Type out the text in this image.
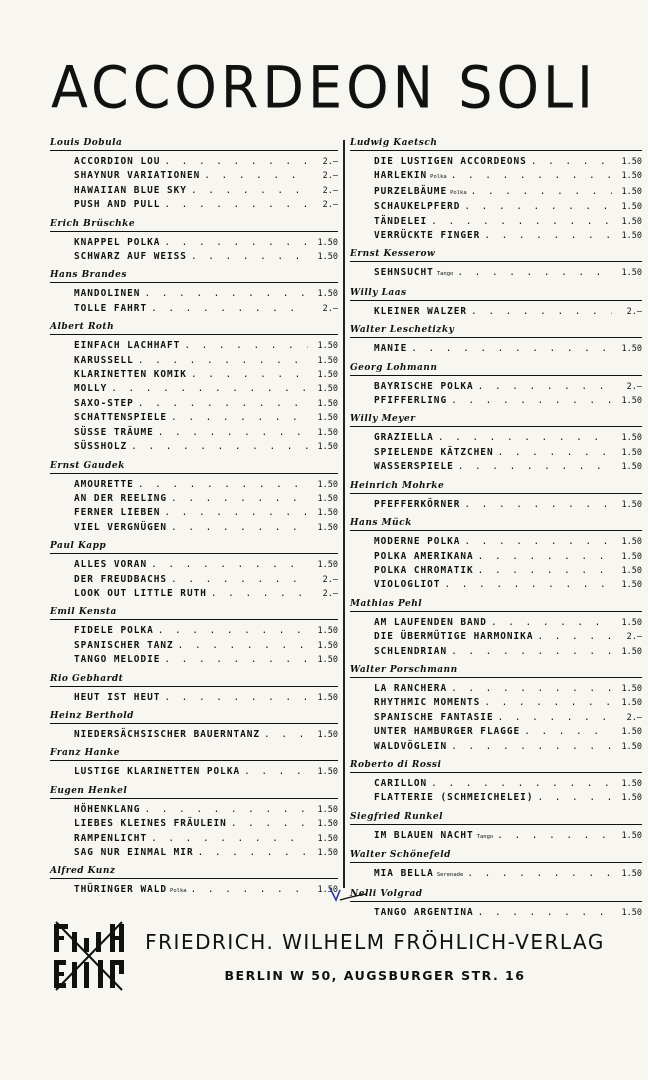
ACCORDEON SOLI
Louis Dobula
ACCORDION LOU . . .	2.—
SHAYNUR VARIATIONEN . . .	2.—
HAWAIIAN BLUE SKY . . .	2.—
PUSH AND PULL . . .	2.—
Erich Brüschke
KNAPPEL POLKA . . .	1.50
SCHWARZ AUF WEISS . . .	1.50
Hans Brandes
MANDOLINEN . . .	1.50
TOLLE FAHRT . . .	2.—
Albert Roth
EINFACH LACHHAFT . . .	1.50
KARUSSELL . . .	1.50
KLARINETTEN KOMIK . . .	1.50
MOLLY . . .	1.50
SAXO-STEP . . .	1.50
SCHATTENSPIELE . . .	1.50
SÜSSE TRÄUME . . .	1.50
SÜSSHOLZ . . .	1.50
Ernst Gaudek
AMOURETTE . . .	1.50
AN DER REELING . . .	1.50
FERNER LIEBEN . . .	1.50
VIEL VERGNÜGEN . . .	1.50
Paul Kapp
ALLES VORAN . . .	1.50
DER FREUDBACHS . . .	2.—
LOOK OUT LITTLE RUTH . . .	2.—
Emil Kensta
FIDELE POLKA . . .	1.50
SPANISCHER TANZ . . .	1.50
TANGO MELODIE . . .	1.50
Rio Gebhardt
HEUT IST HEUT . . .	1.50
Heinz Berthold
NIEDERSÄCHSISCHER BAUERNTANZ . . .	1.50
Franz Hanke
LUSTIGE KLARINETTEN POLKA . . .	1.50
Eugen Henkel
HÖHENKLANG . . .	1.50
LIEBES KLEINES FRÄULEIN . . .	1.50
RAMPENLICHT . . .	1.50
SAG NUR EINMAL MIR . . .	1.50
Alfred Kunz
THÜRINGER WALD Polka . . .	1.50
Ludwig Kaetsch
DIE LUSTIGEN ACCORDEONS . . .	1.50
HARLEKIN Polka . . .	1.50
PURZELBÄUME Polka . . .	1.50
SCHAUKELPFERD . . .	1.50
TÄNDELEI . . .	1.50
VERRÜCKTE FINGER . . .	1.50
Ernst Kesserow
SEHNSUCHT Tango . . .	1.50
Willy Laas
KLEINER WALZER . . .	2.—
Walter Leschetizky
MANIE . . .	1.50
Georg Lohmann
BAYRISCHE POLKA . . .	2.—
PFIFFERLING . . .	1.50
Willy Meyer
GRAZIELLA . . .	1.50
SPIELENDE KÄTZCHEN . . .	1.50
WASSERSPIELE . . .	1.50
Heinrich Mohrke
PFEFFERKÖRNER . . .	1.50
Hans Mück
MODERNE POLKA . . .	1.50
POLKA AMERIKANA . . .	1.50
POLKA CHROMATIK . . .	1.50
VIOLOGLIOT . . .	1.50
Mathias Pehl
AM LAUFENDEN BAND . . .	1.50
DIE ÜBERMÜTIGE HARMONIKA . . .	2.—
SCHLENDRIAN . . .	1.50
Walter Porschmann
LA RANCHERA . . .	1.50
RHYTHMIC MOMENTS . . .	1.50
SPANISCHE FANTASIE . . .	2.—
UNTER HAMBURGER FLAGGE . . .	1.50
WALDVÖGLEIN . . .	1.50
Roberto di Rossi
CARILLON . . .	1.50
FLATTERIE (SCHMEICHELEI) . . .	1.50
Siegfried Runkel
IM BLAUEN NACHT Tango . . .	1.50
Walter Schönefeld
MIA BELLA Serenade . . .	1.50
Nelli Volgrad
TANGO ARGENTINA . . .	1.50
FRIEDRICH. WILHELM FRÖHLICH-VERLAG
BERLIN W 50, AUGSBURGER STR. 16
